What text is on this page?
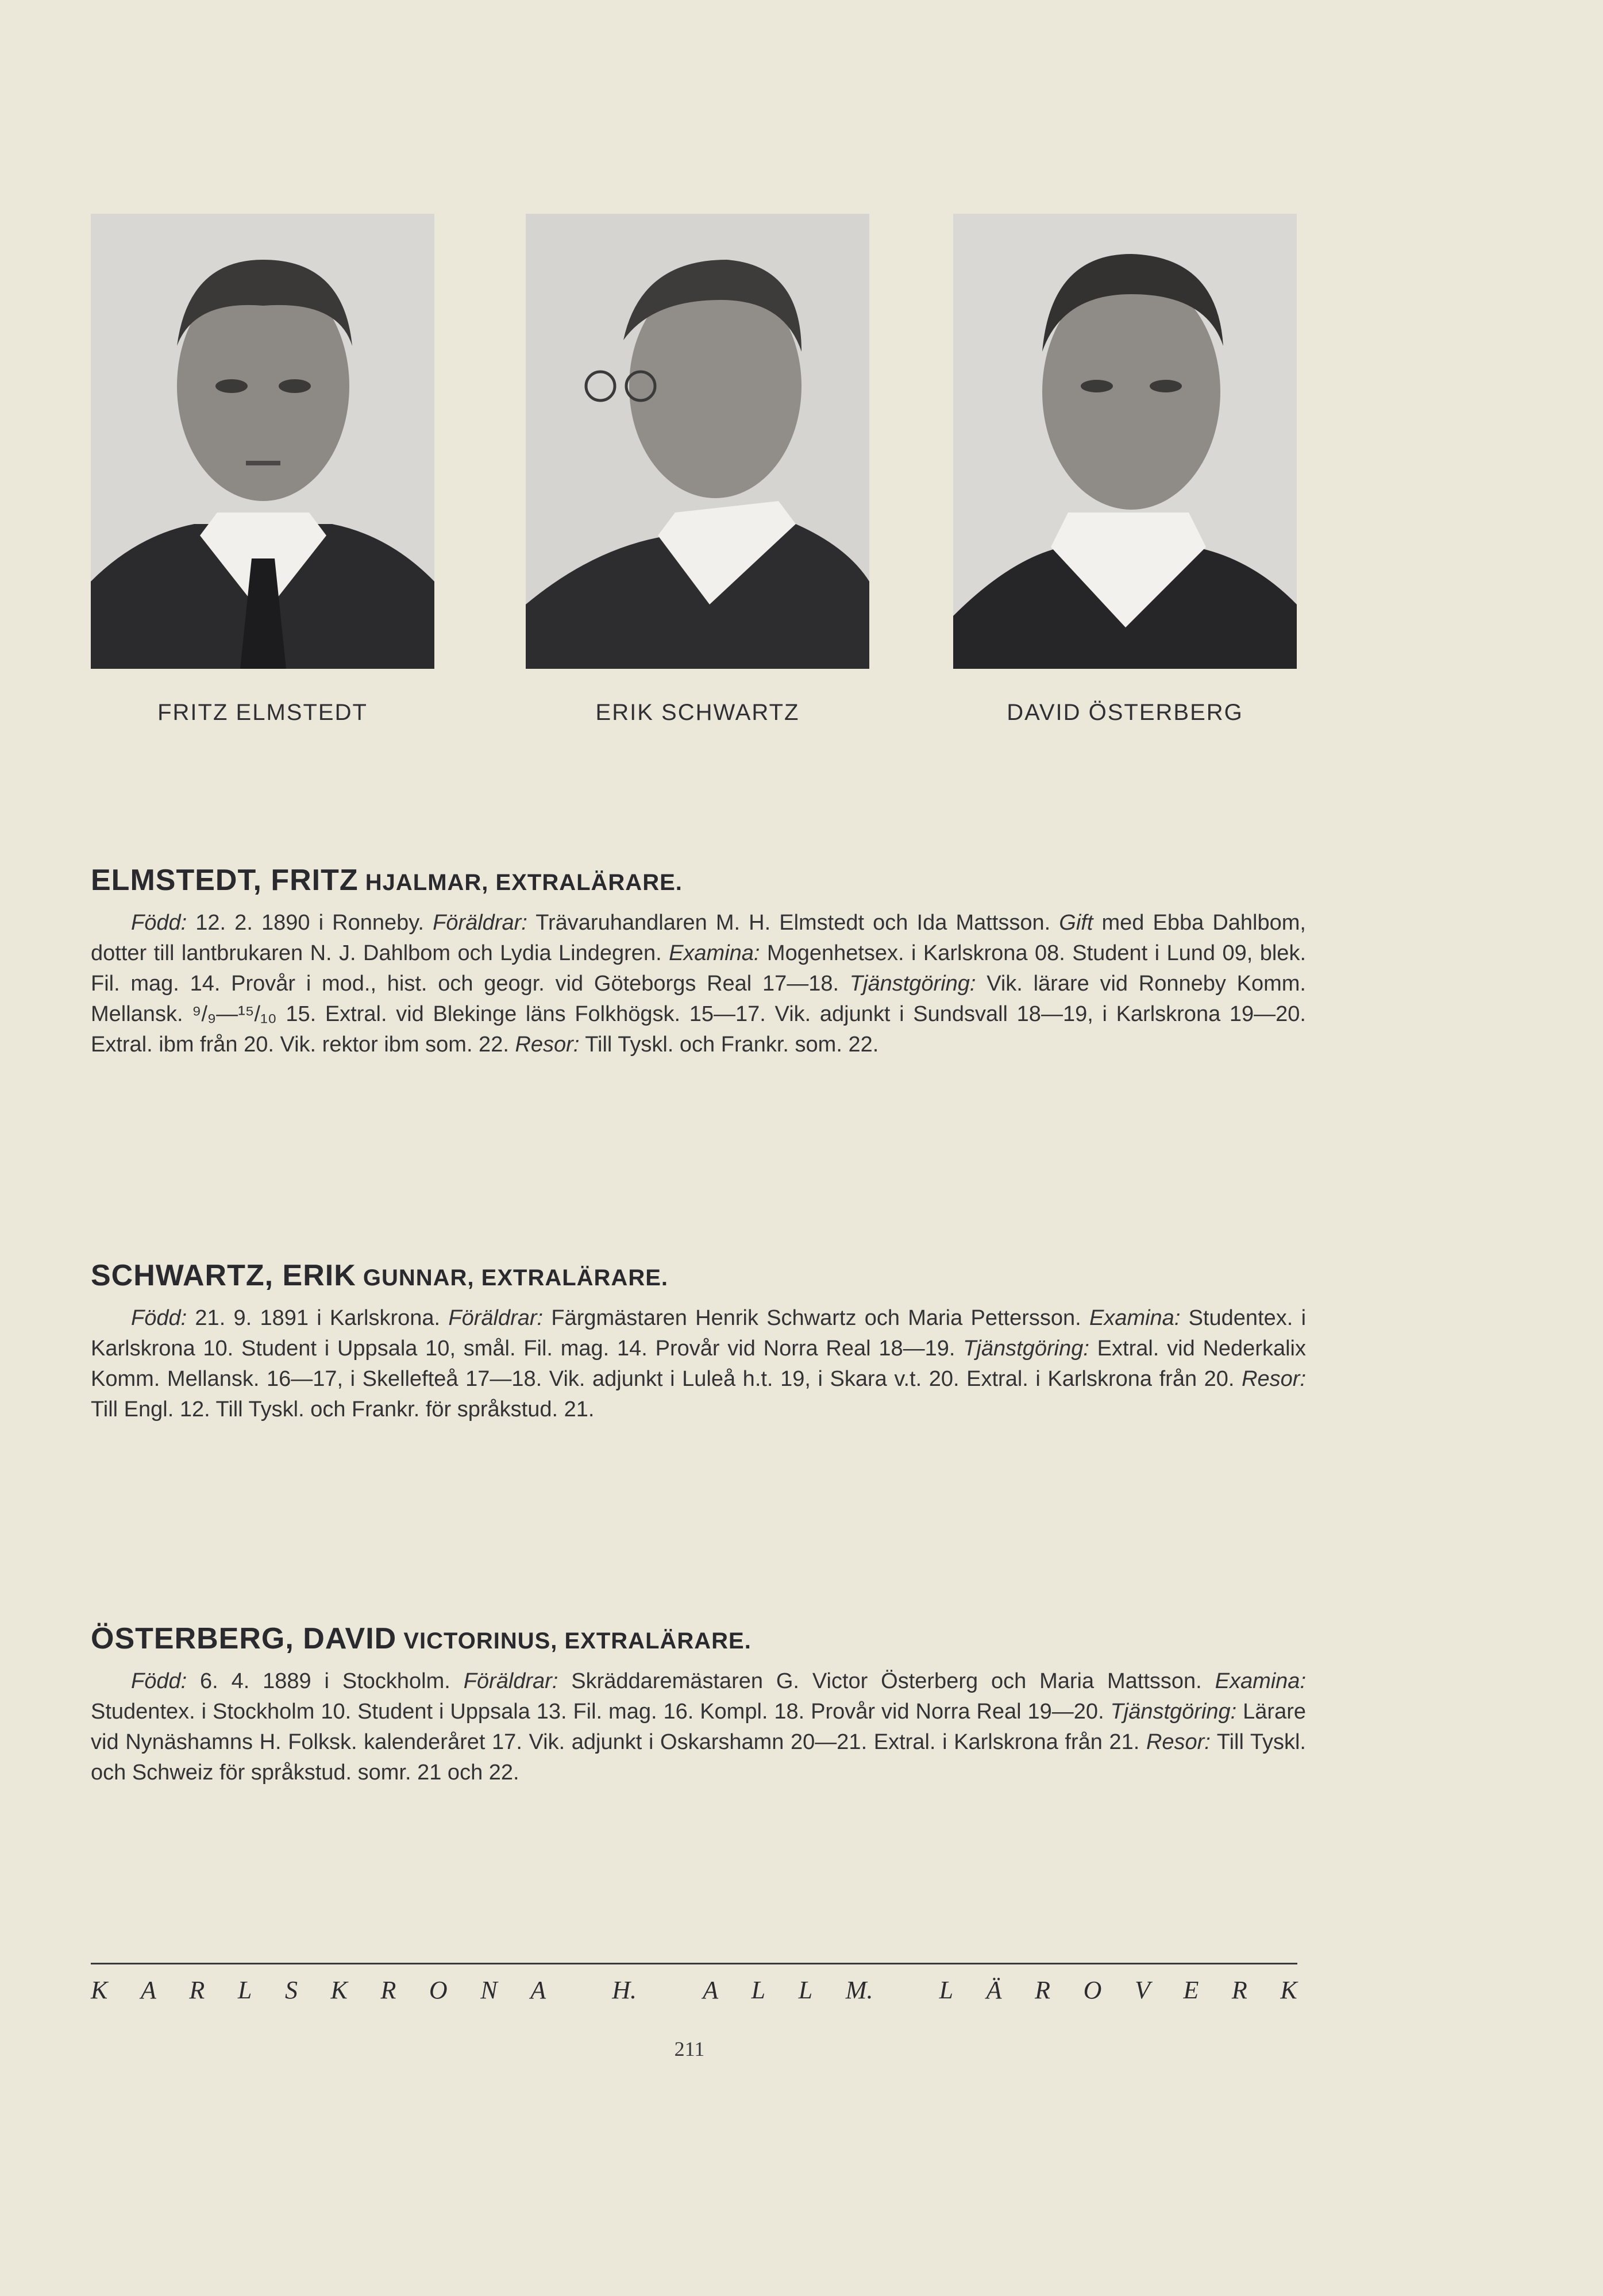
FRITZ ELMSTEDT	ERIK SCHWARTZ	DAVID ÖSTERBERG
ELMSTEDT, FRITZ HJALMAR, EXTRALÄRARE.

Född: 12. 2. 1890 i Ronneby. Föräldrar: Trävaruhandlaren M. H. Elmstedt och Ida Mattsson. Gift med Ebba Dahlbom, dotter till lantbrukaren N. J. Dahlbom och Lydia Lindegren. Examina: Mogenhetsex. i Karlskrona 08. Student i Lund 09, blek. Fil. mag. 14. Provår i mod., hist. och geogr. vid Göteborgs Real 17—18. Tjänstgöring: Vik. lärare vid Ronneby Komm. Mellansk. ⁹/₉—¹⁵/₁₀ 15. Extral. vid Blekinge läns Folkhögsk. 15—17. Vik. adjunkt i Sundsvall 18—19, i Karlskrona 19—20. Extral. ibm från 20. Vik. rektor ibm som. 22. Resor: Till Tyskl. och Frankr. som. 22.

SCHWARTZ, ERIK GUNNAR, EXTRALÄRARE.

Född: 21. 9. 1891 i Karlskrona. Föräldrar: Färgmästaren Henrik Schwartz och Maria Pettersson. Examina: Studentex. i Karlskrona 10. Student i Uppsala 10, smål. Fil. mag. 14. Provår vid Norra Real 18—19. Tjänstgöring: Extral. vid Nederkalix Komm. Mellansk. 16—17, i Skellefteå 17—18. Vik. adjunkt i Luleå h.t. 19, i Skara v.t. 20. Extral. i Karlskrona från 20. Resor: Till Engl. 12. Till Tyskl. och Frankr. för språkstud. 21.

ÖSTERBERG, DAVID VICTORINUS, EXTRALÄRARE.

Född: 6. 4. 1889 i Stockholm. Föräldrar: Skräddaremästaren G. Victor Österberg och Maria Mattsson. Examina: Studentex. i Stockholm 10. Student i Uppsala 13. Fil. mag. 16. Kompl. 18. Provår vid Norra Real 19—20. Tjänstgöring: Lärare vid Nynäshamns H. Folksk. kalenderåret 17. Vik. adjunkt i Oskarshamn 20—21. Extral. i Karlskrona från 21. Resor: Till Tyskl. och Schweiz för språkstud. somr. 21 och 22.

K A R L S K R O N A	H.	A L L M.	L Ä R O V E R K
211
